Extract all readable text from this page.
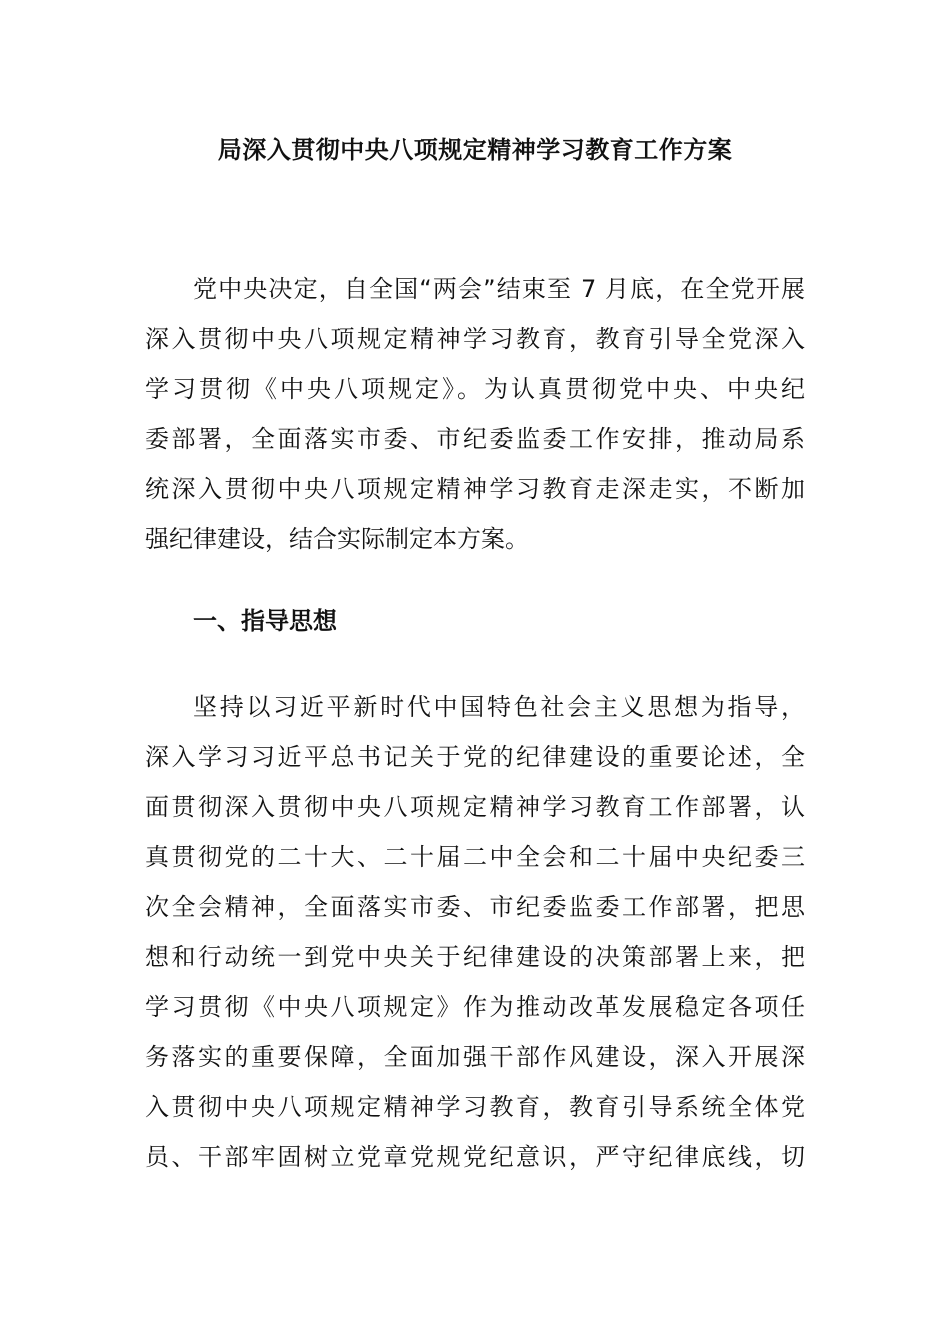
局深入贯彻中央八项规定精神学习教育工作方案
党中央决定，自全国“两会”结束至 7 月底，在全党开展
深入贯彻中央八项规定精神学习教育，教育引导全党深入
学习贯彻《中央八项规定》。为认真贯彻党中央、中央纪
委部署，全面落实市委、市纪委监委工作安排，推动局系
统深入贯彻中央八项规定精神学习教育走深走实，不断加
强纪律建设，结合实际制定本方案。
一、指导思想
坚持以习近平新时代中国特色社会主义思想为指导，
深入学习习近平总书记关于党的纪律建设的重要论述，全
面贯彻深入贯彻中央八项规定精神学习教育工作部署，认
真贯彻党的二十大、二十届二中全会和二十届中央纪委三
次全会精神，全面落实市委、市纪委监委工作部署，把思
想和行动统一到党中央关于纪律建设的决策部署上来，把
学习贯彻《中央八项规定》作为推动改革发展稳定各项任
务落实的重要保障，全面加强干部作风建设，深入开展深
入贯彻中央八项规定精神学习教育，教育引导系统全体党
员、干部牢固树立党章党规党纪意识，严守纪律底线，切
